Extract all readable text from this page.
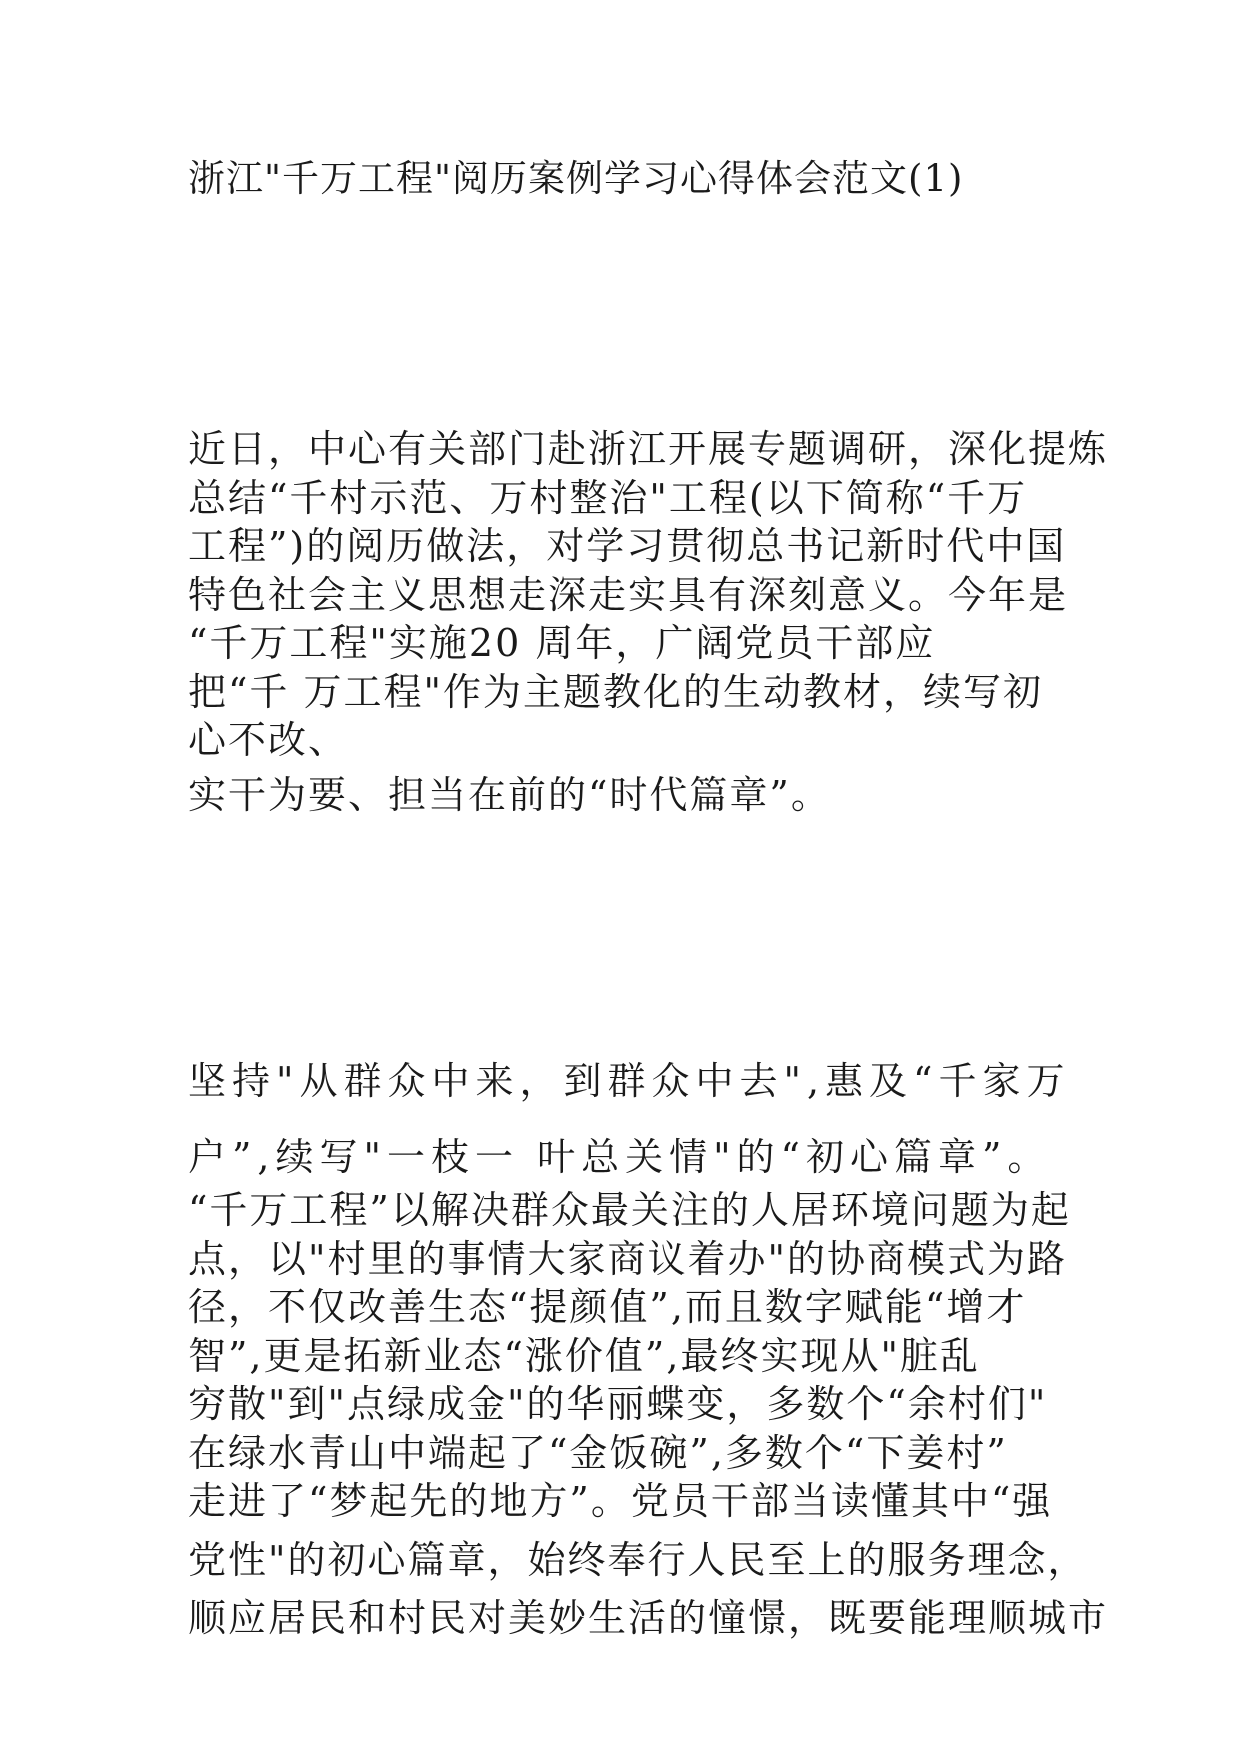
浙江"千万工程"阅历案例学习心得体会范文(1)
近日，中心有关部门赴浙江开展专题调研，深化提炼
总结“千村示范、万村整治"工程(以下简称“千万
工程”)的阅历做法，对学习贯彻总书记新时代中国
特色社会主义思想走深走实具有深刻意义。今年是
“千万工程"实施20 周年，广阔党员干部应
把“千 万工程"作为主题教化的生动教材，续写初
心不改、
实干为要、担当在前的“时代篇章”。
坚持"从群众中来，到群众中去",惠及“千家万
户”,续写"一枝一 叶总关情"的“初心篇章”。
“千万工程”以解决群众最关注的人居环境问题为起
点，以"村里的事情大家商议着办"的协商模式为路
径，不仅改善生态“提颜值”,而且数字赋能“增才
智”,更是拓新业态“涨价值”,最终实现从"脏乱
穷散"到"点绿成金"的华丽蝶变，多数个“余村们"
在绿水青山中端起了“金饭碗”,多数个“下姜村”
走进了“梦起先的地方”。党员干部当读懂其中“强
党性"的初心篇章，始终奉行人民至上的服务理念，
顺应居民和村民对美妙生活的憧憬，既要能理顺城市
